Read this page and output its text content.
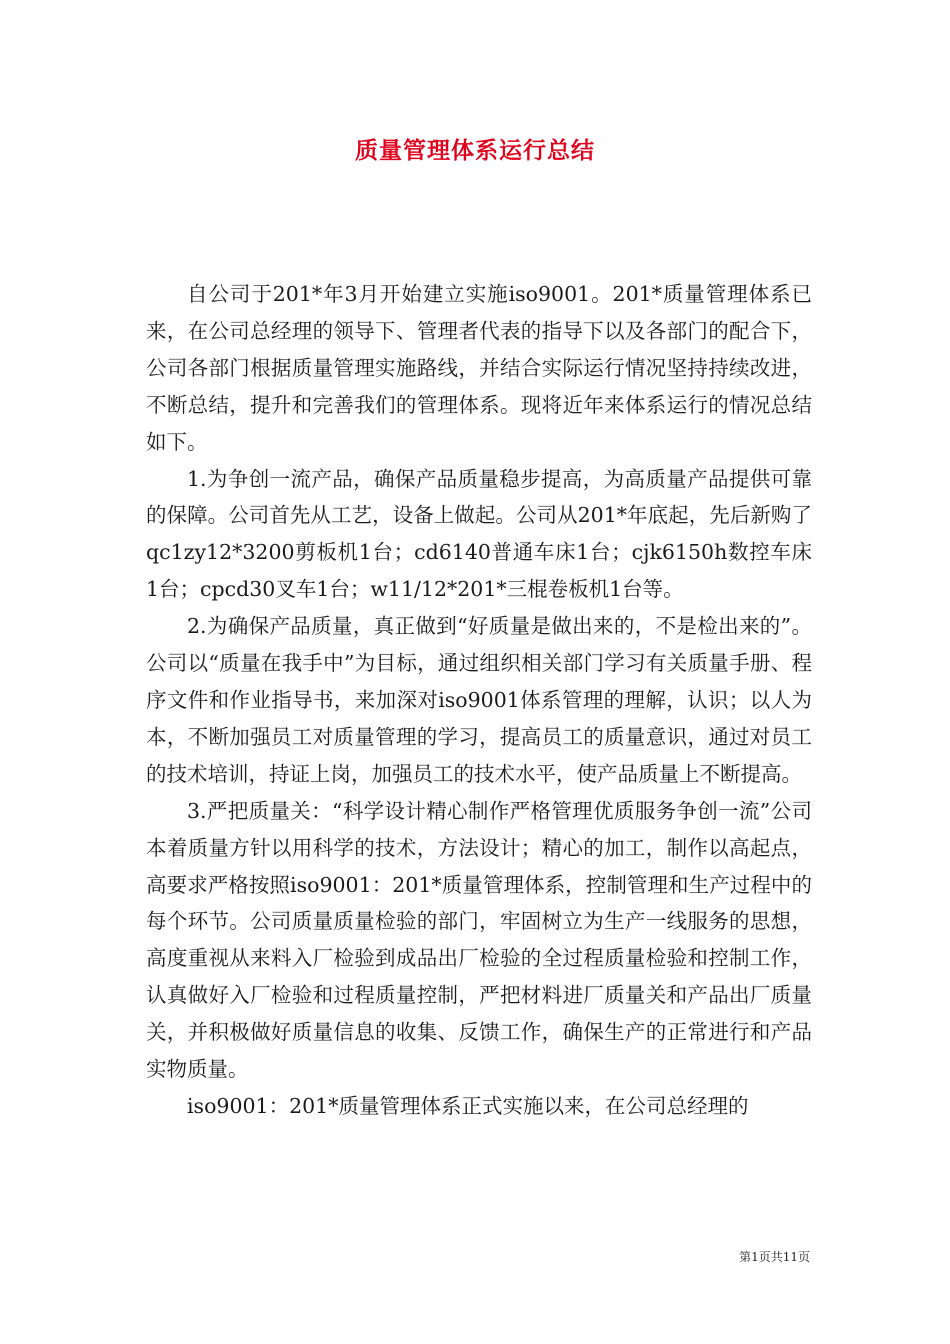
质量管理体系运行总结

自公司于201*年3月开始建立实施iso9001。201*质量管理体系已来，在公司总经理的领导下、管理者代表的指导下以及各部门的配合下，公司各部门根据质量管理实施路线，并结合实际运行情况坚持持续改进，不断总结，提升和完善我们的管理体系。现将近年来体系运行的情况总结如下。

1.为争创一流产品，确保产品质量稳步提高，为高质量产品提供可靠的保障。公司首先从工艺，设备上做起。公司从201*年底起，先后新购了qc1zy12*3200剪板机1台；cd6140普通车床1台；cjk6150h数控车床1台；cpcd30叉车1台；w11/12*201*三棍卷板机1台等。

2.为确保产品质量，真正做到“好质量是做出来的，不是检出来的”。公司以“质量在我手中”为目标，通过组织相关部门学习有关质量手册、程序文件和作业指导书，来加深对iso9001体系管理的理解，认识；以人为本，不断加强员工对质量管理的学习，提高员工的质量意识，通过对员工的技术培训，持证上岗，加强员工的技术水平，使产品质量上不断提高。

3.严把质量关：“科学设计精心制作严格管理优质服务争创一流”公司本着质量方针以用科学的技术，方法设计；精心的加工，制作以高起点，高要求严格按照iso9001：201*质量管理体系，控制管理和生产过程中的每个环节。公司质量质量检验的部门，牢固树立为生产一线服务的思想，高度重视从来料入厂检验到成品出厂检验的全过程质量检验和控制工作，认真做好入厂检验和过程质量控制，严把材料进厂质量关和产品出厂质量关，并积极做好质量信息的收集、反馈工作，确保生产的正常进行和产品实物质量。

iso9001：201*质量管理体系正式实施以来，在公司总经理的

第1页共11页
